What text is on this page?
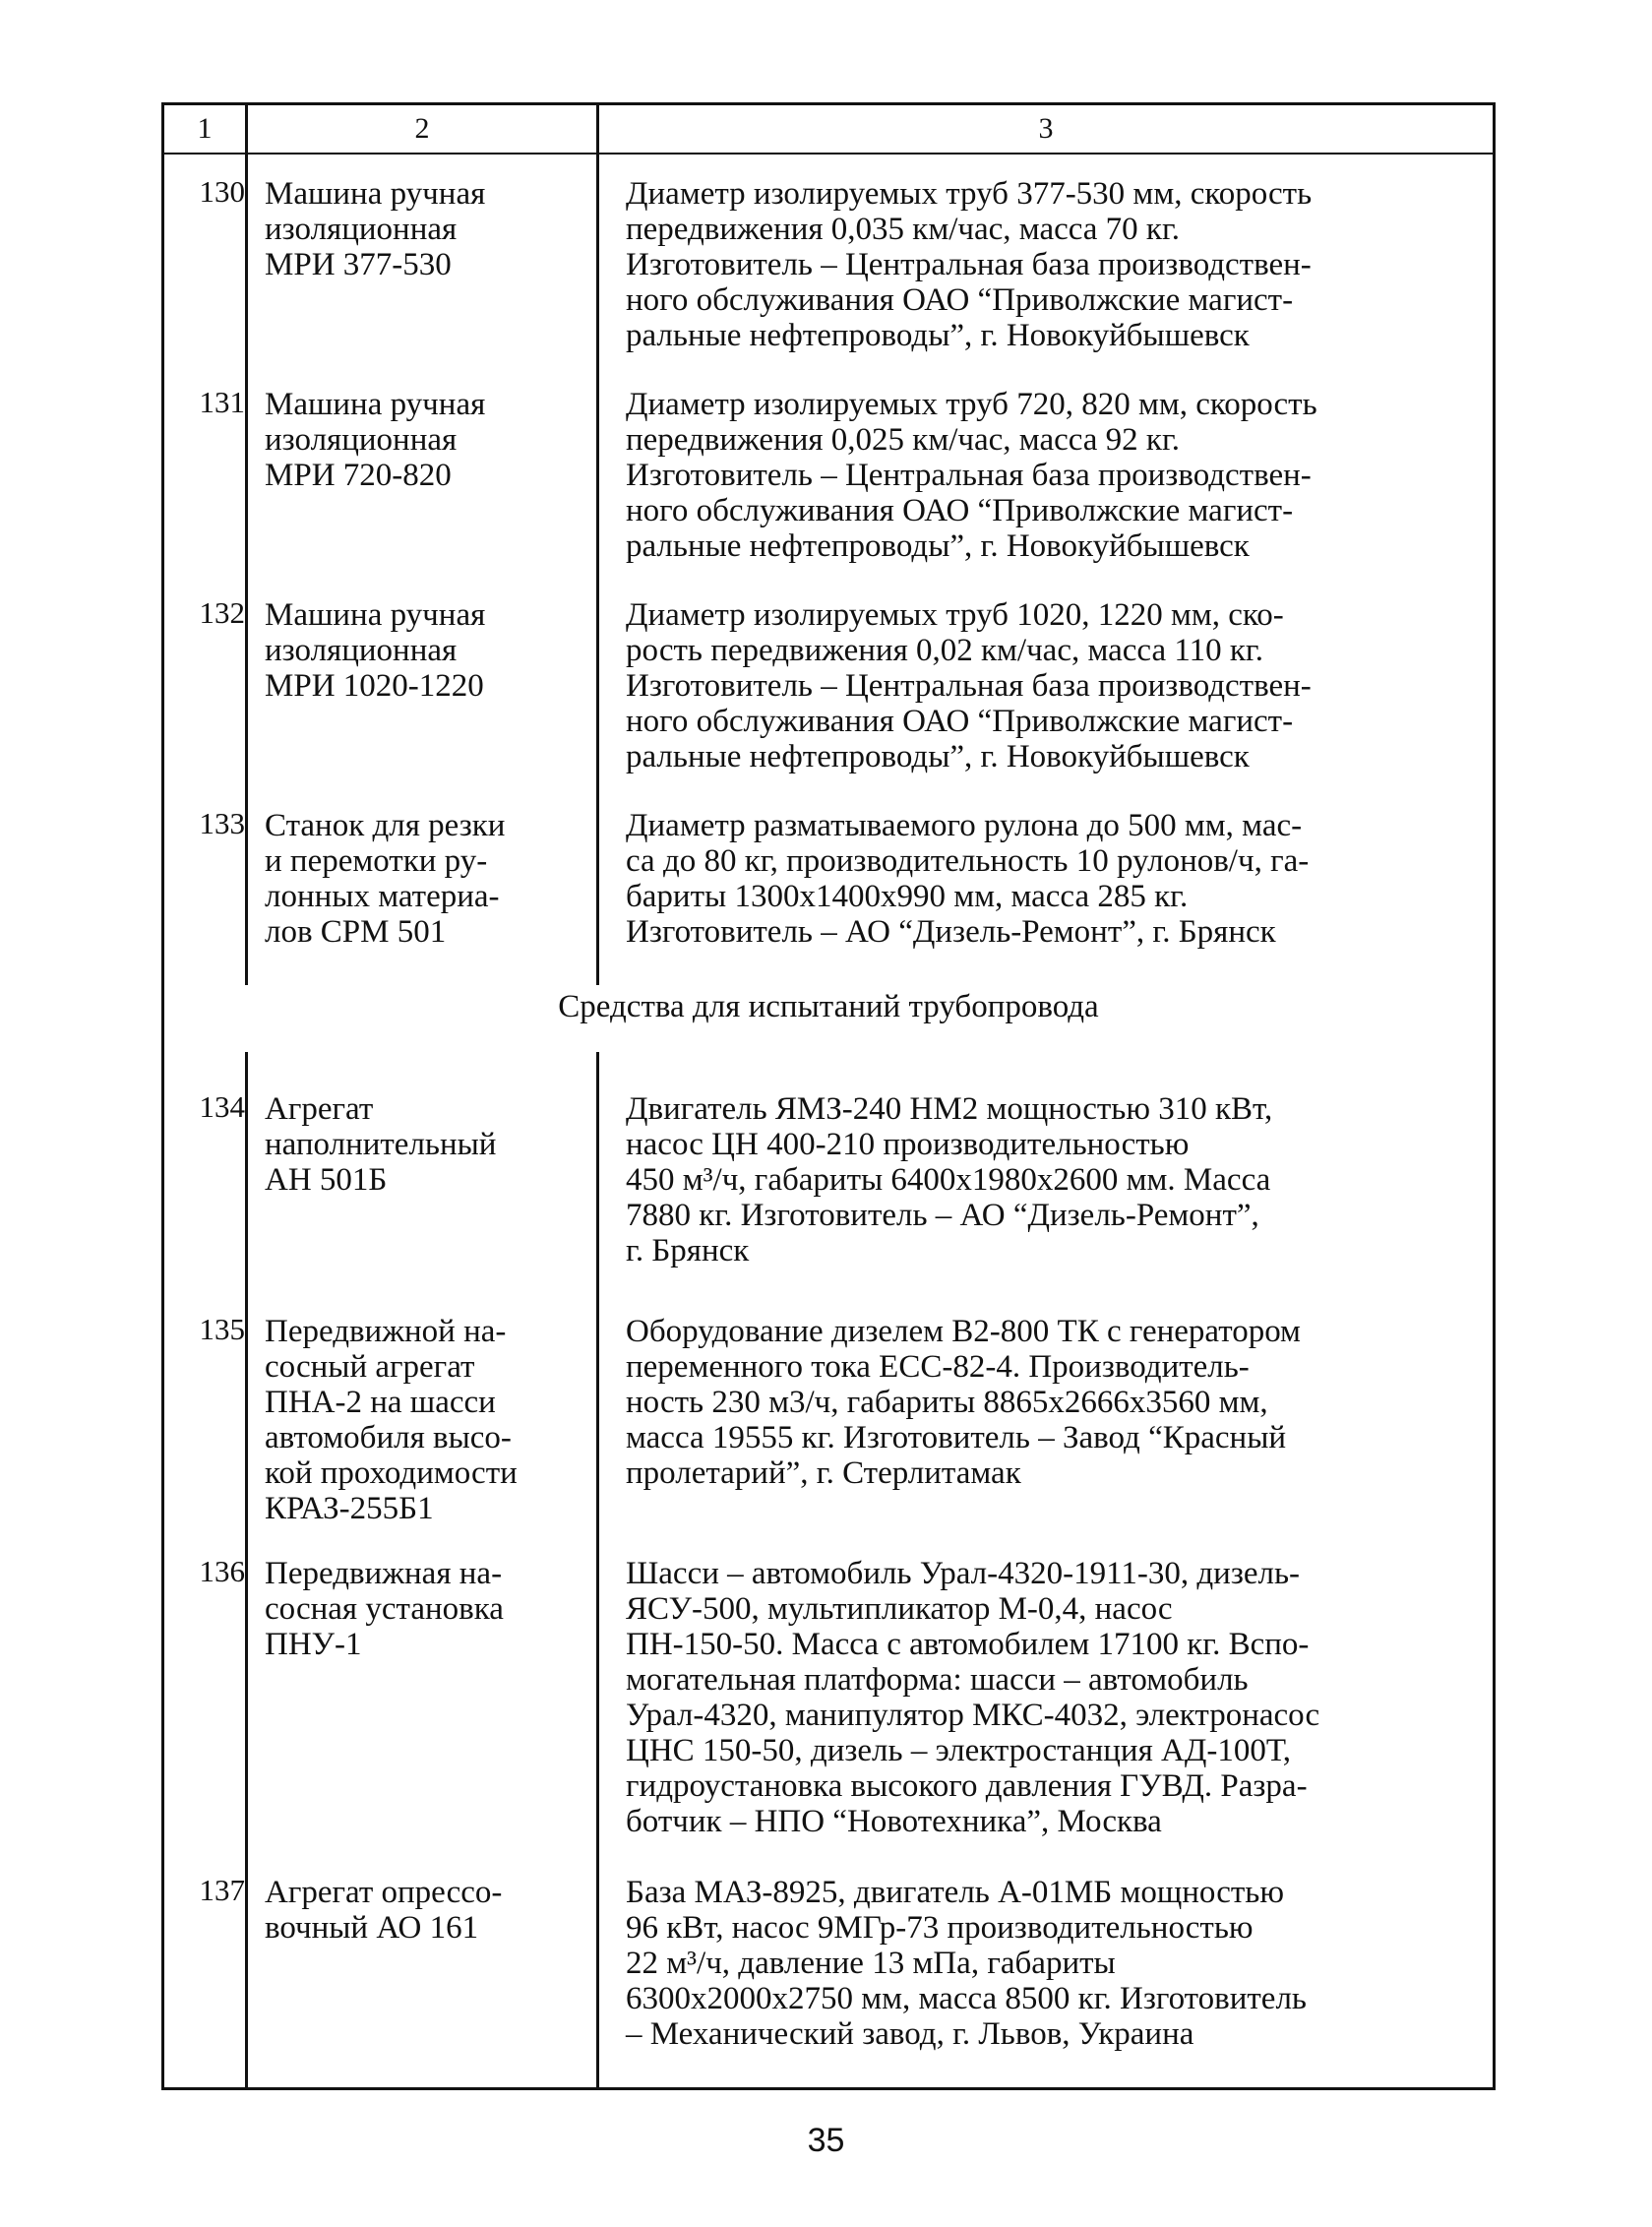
1	2	3
130 Машина ручная
изоляционная
МРИ 377-530
Диаметр изолируемых труб 377-530 мм, скорость
передвижения 0,035 км/час, масса 70 кг.
Изготовитель – Центральная база производствен-
ного обслуживания ОАО “Приволжские магист-
ральные нефтепроводы”, г. Новокуйбышевск
131 Машина ручная
изоляционная
МРИ 720-820
Диаметр изолируемых труб 720, 820 мм, скорость
передвижения 0,025 км/час, масса 92 кг.
Изготовитель – Центральная база производствен-
ного обслуживания ОАО “Приволжские магист-
ральные нефтепроводы”, г. Новокуйбышевск
132 Машина ручная
изоляционная
МРИ 1020-1220
Диаметр изолируемых труб 1020, 1220 мм, ско-
рость передвижения 0,02 км/час, масса 110 кг.
Изготовитель – Центральная база производствен-
ного обслуживания ОАО “Приволжские магист-
ральные нефтепроводы”, г. Новокуйбышевск
133 Станок для резки
и перемотки ру-
лонных материа-
лов СРМ 501
Диаметр разматываемого рулона до 500 мм, мас-
са до 80 кг, производительность 10 рулонов/ч, га-
бариты 1300x1400x990 мм, масса 285 кг.
Изготовитель – АО “Дизель-Ремонт”, г. Брянск
Средства для испытаний трубопровода
134 Агрегат
наполнительный
АН 501Б
Двигатель ЯМЗ-240 НМ2 мощностью 310 кВт,
насос ЦН 400-210 производительностью
450 м³/ч, габариты 6400x1980x2600 мм. Масса
7880 кг. Изготовитель – АО “Дизель-Ремонт”,
г. Брянск
135 Передвижной на-
сосный агрегат
ПНА-2 на шасси
автомобиля высо-
кой проходимости
КРАЗ-255Б1
Оборудование дизелем В2-800 ТК с генератором
переменного тока ЕСС-82-4. Производитель-
ность 230 м3/ч, габариты 8865x2666x3560 мм,
масса 19555 кг. Изготовитель – Завод “Красный
пролетарий”, г. Стерлитамак
136 Передвижная на-
сосная установка
ПНУ-1
Шасси – автомобиль Урал-4320-1911-30, дизель-
ЯСУ-500, мультипликатор М-0,4, насос
ПН-150-50. Масса с автомобилем 17100 кг. Вспо-
могательная платформа: шасси – автомобиль
Урал-4320, манипулятор МКС-4032, электронасос
ЦНС 150-50, дизель – электростанция АД-100Т,
гидроустановка высокого давления ГУВД. Разра-
ботчик – НПО “Новотехника”, Москва
137 Агрегат опрессо-
вочный АО 161
База МАЗ-8925, двигатель А-01МБ мощностью
96 кВт, насос 9МГр-73 производительностью
22 м³/ч, давление 13 мПа, габариты
6300x2000x2750 мм, масса 8500 кг. Изготовитель
– Механический завод, г. Львов, Украина
35
